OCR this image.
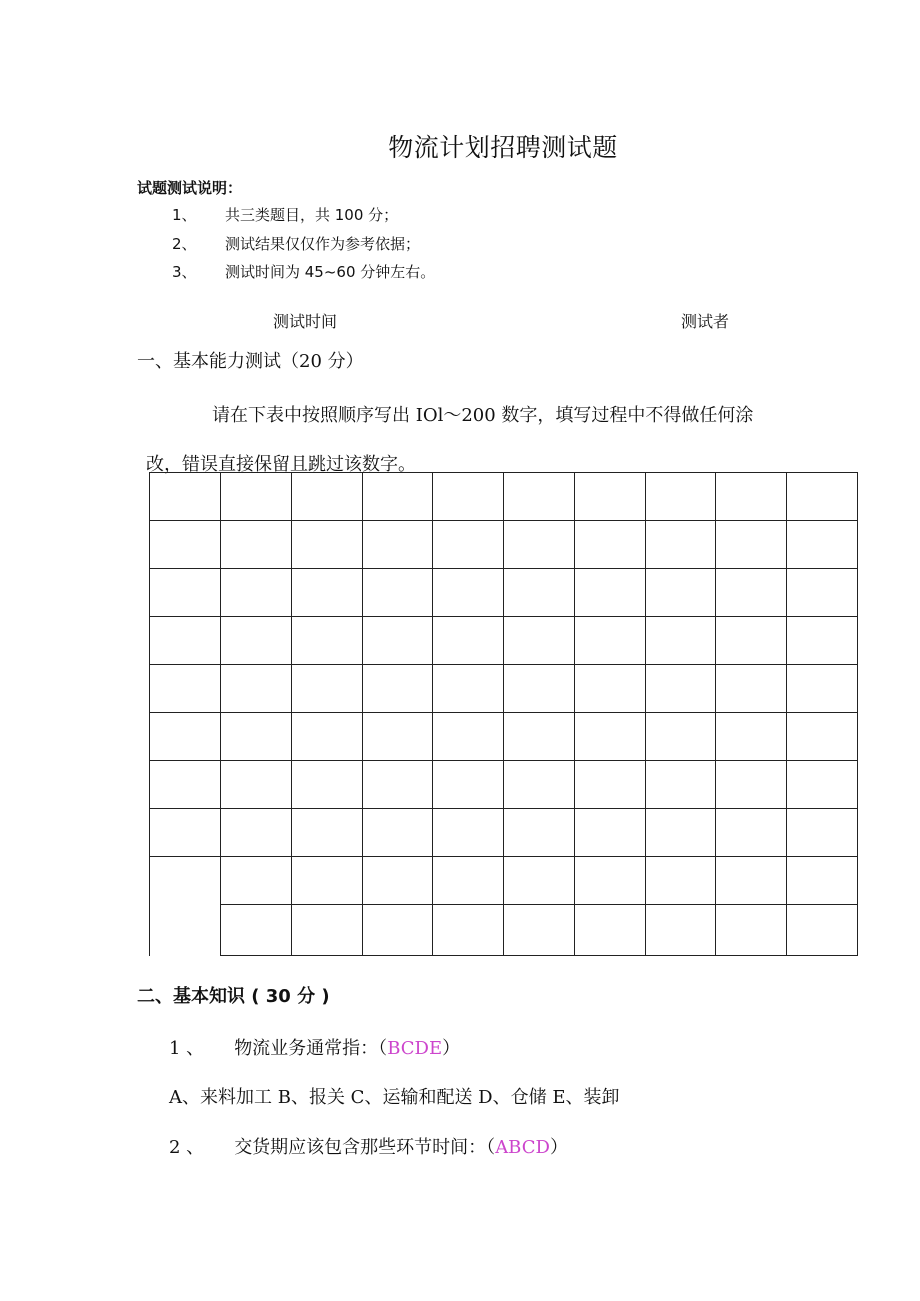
物流计划招聘测试题
试题测试说明：
1、 共三类题目，共 100 分；
2、 测试结果仅仅作为参考依据；
3、 测试时间为 45~60 分钟左右。
测试时间	测试者
一、基本能力测试（20 分）
请在下表中按照顺序写出 IOl～200 数字，填写过程中不得做任何涂
改，错误直接保留且跳过该数字。

二、基本知识 ( 30 分 )
1 、 物流业务通常指：（BCDE）
A、来料加工 B、报关 C、运输和配送 D、仓储 E、装卸
2 、 交货期应该包含那些环节时间：（ABCD）
